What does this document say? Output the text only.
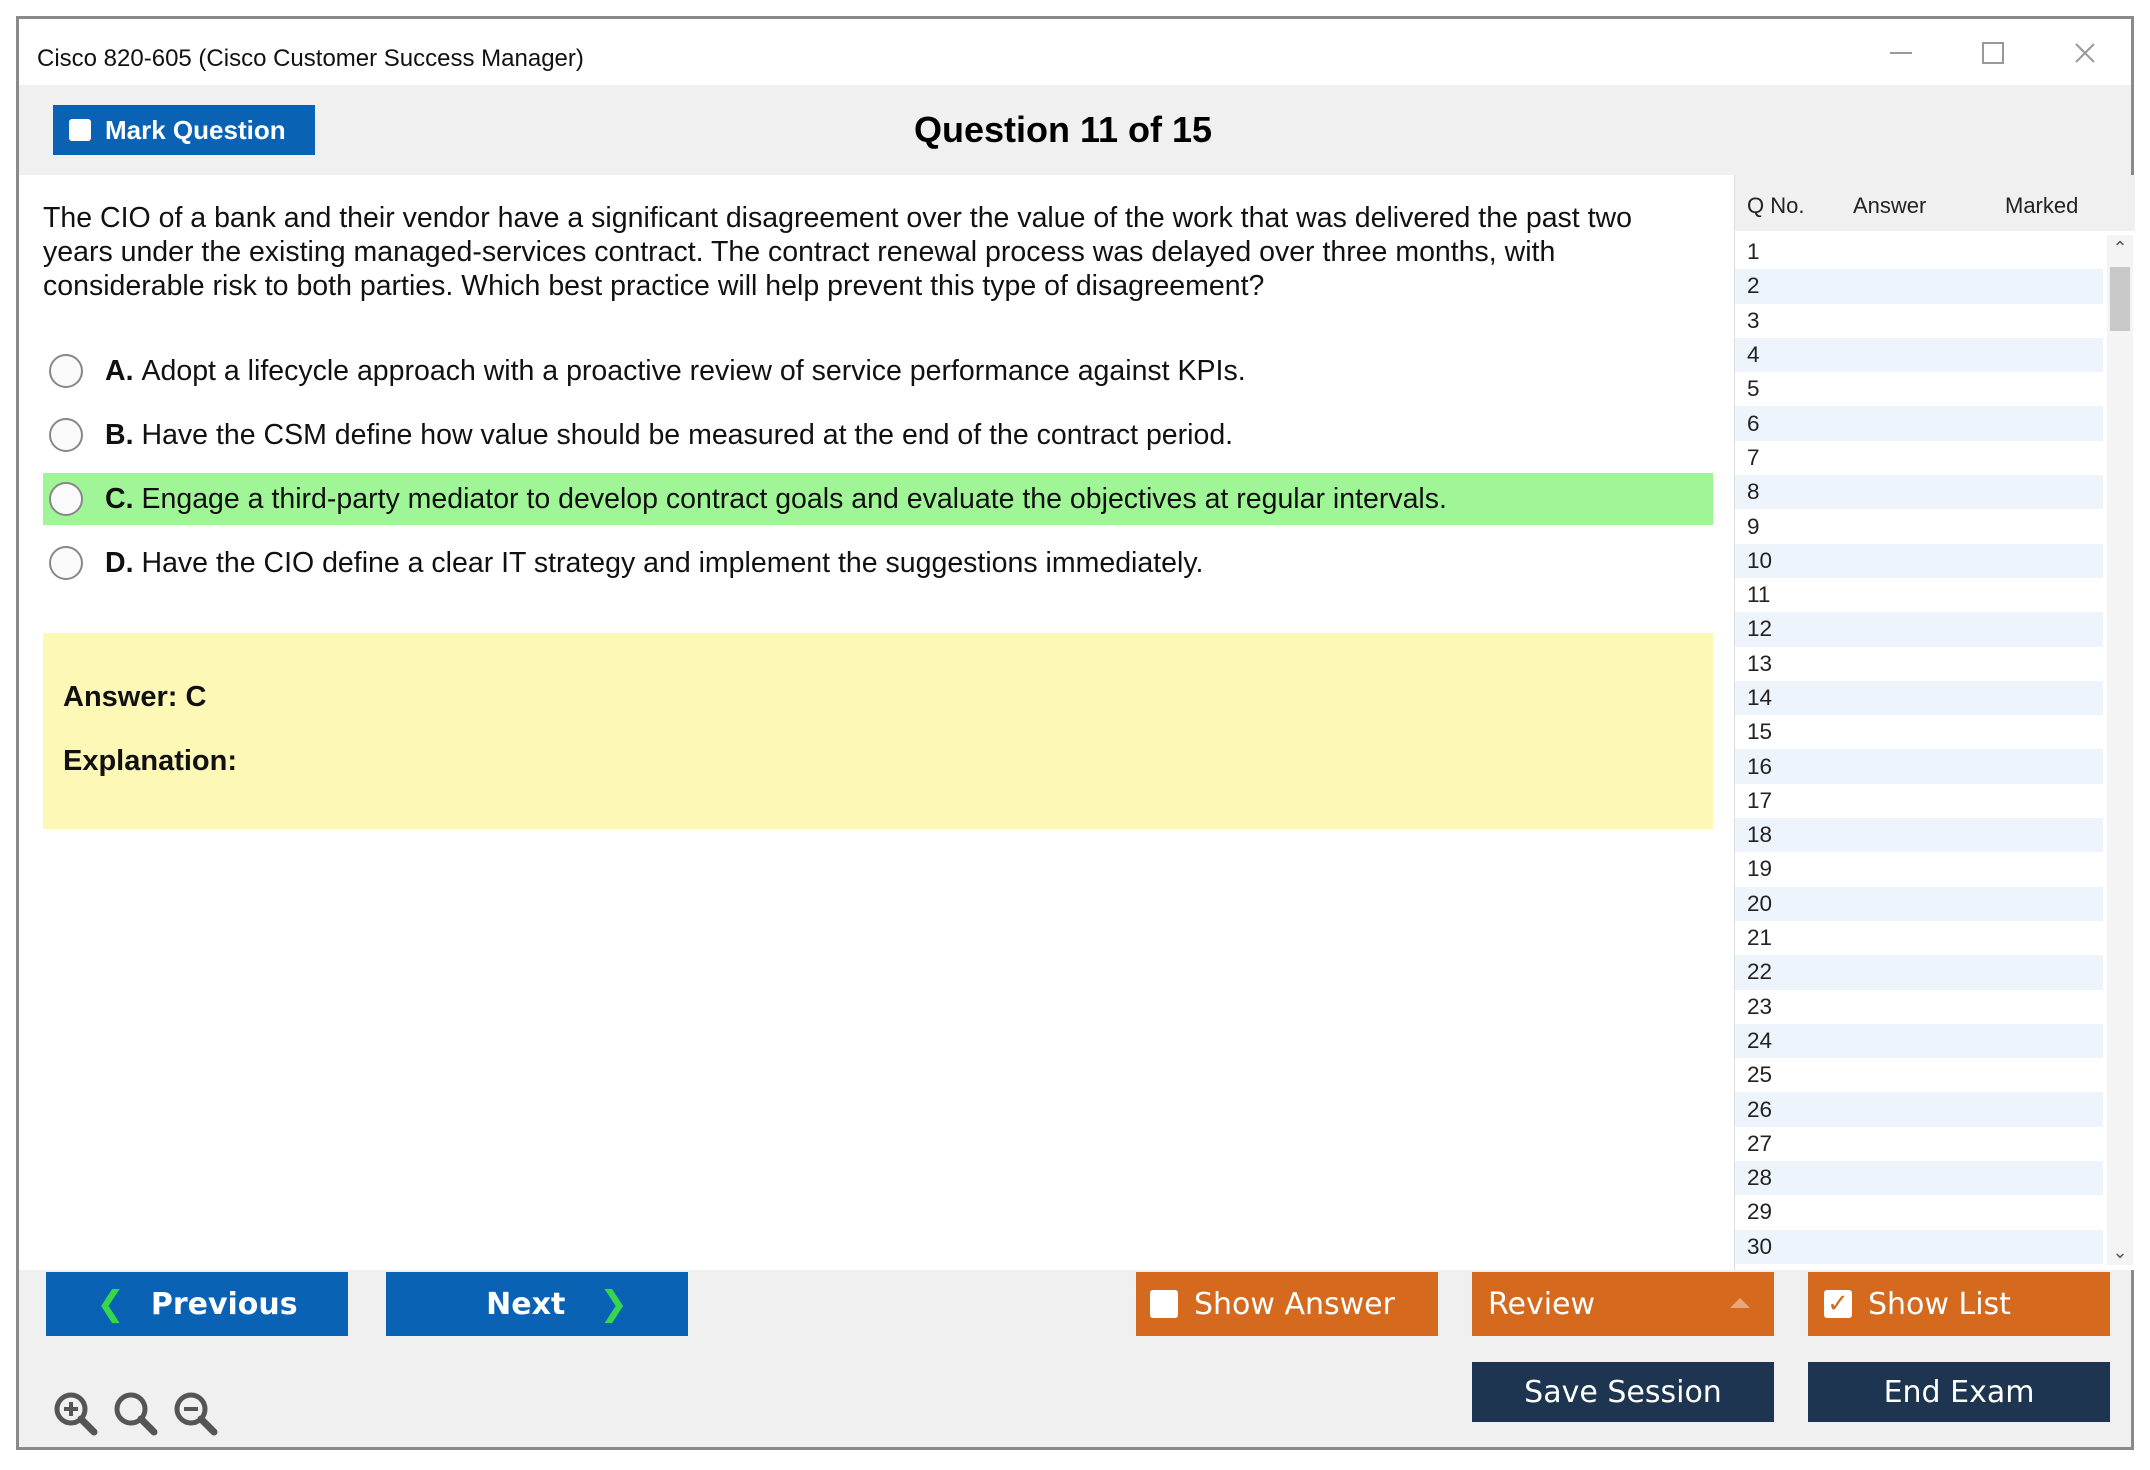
Cisco 820-605 (Cisco Customer Success Manager)
Mark Question	Question 11 of 15
The CIO of a bank and their vendor have a significant disagreement over the value of the work that was delivered the past two years under the existing managed-services contract. The contract renewal process was delayed over three months, with considerable risk to both parties. Which best practice will help prevent this type of disagreement?
A. Adopt a lifecycle approach with a proactive review of service performance against KPIs.
B. Have the CSM define how value should be measured at the end of the contract period.
C. Engage a third-party mediator to develop contract goals and evaluate the objectives at regular intervals.
D. Have the CIO define a clear IT strategy and implement the suggestions immediately.
Answer: C
Explanation:
Q No. Answer	Marked
1
2
3
4
5
6
7
8
9
10
11
12
13
14
15
16
17
18
19
20
21
22
23
24
25
26
27
28
29
30
⌃
⌄
❮ Previous	Next ❯	Show Answer	Review	✓ Show List
Save Session	End Exam
